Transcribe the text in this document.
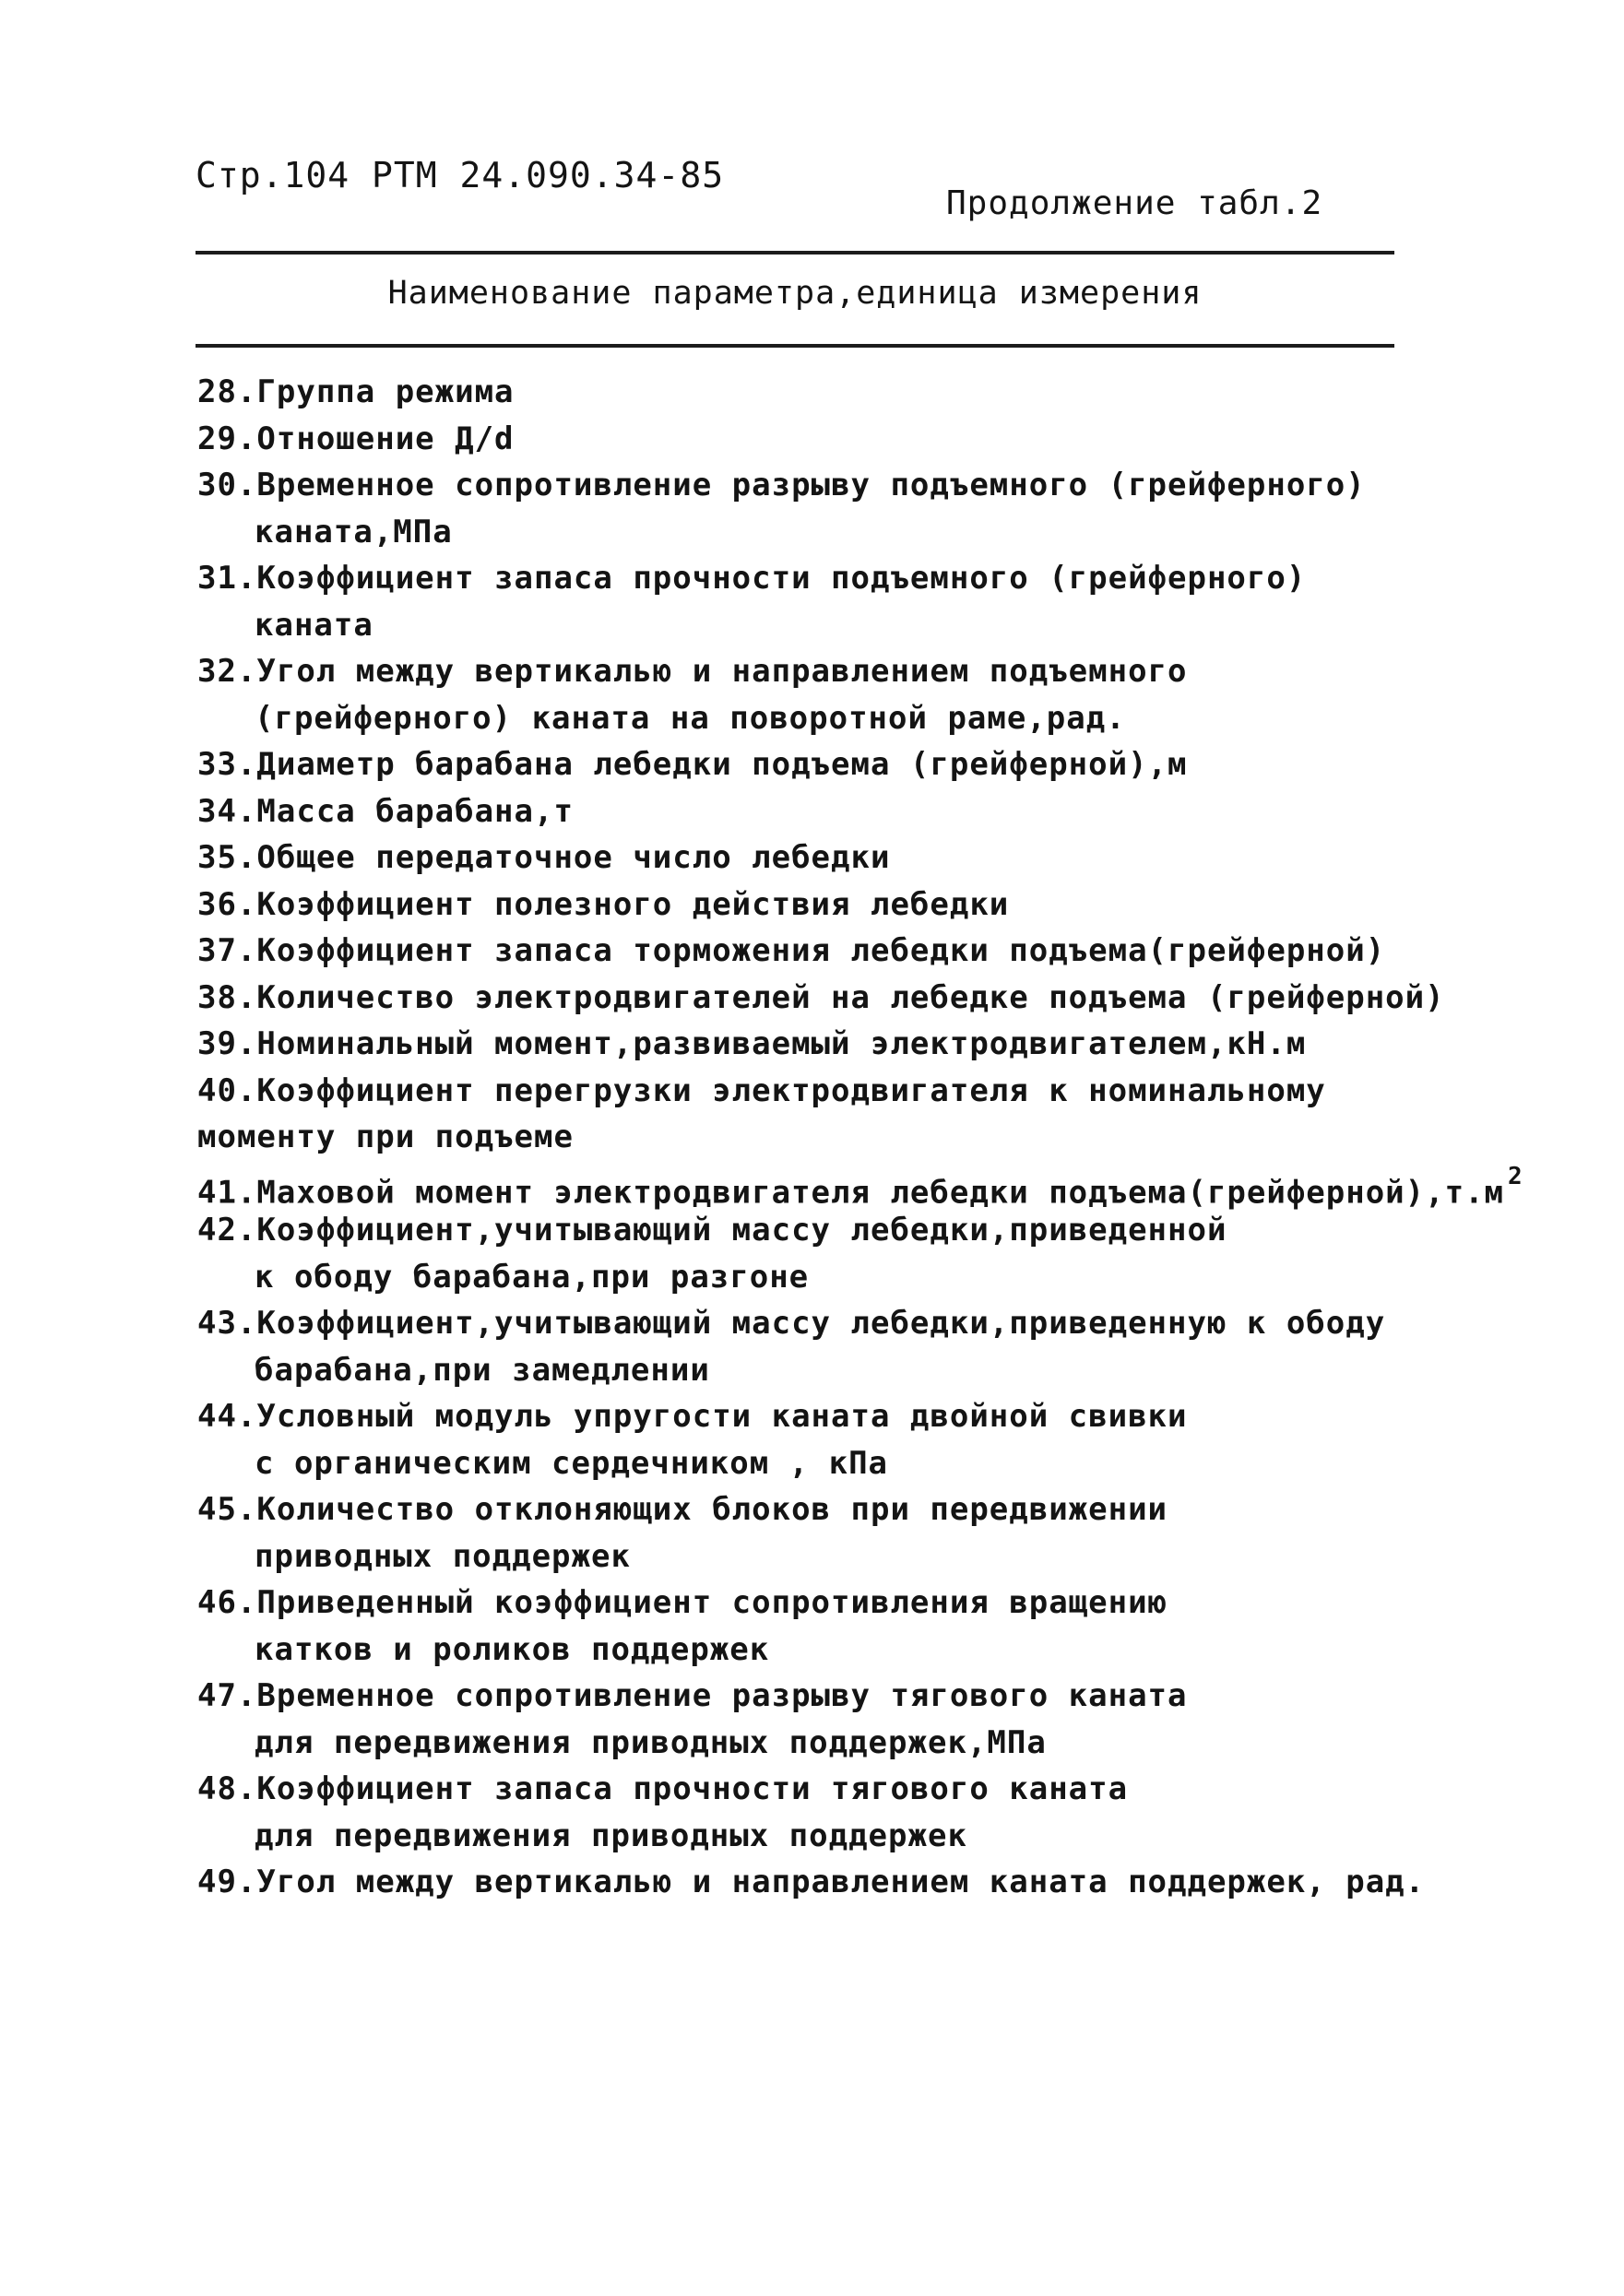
Стр.104 РТМ 24.090.34-85
Продолжение табл.2
Наименование параметра,единица измерения
28.Группа режима
29.Отношение Д/d
30.Временное сопротивление разрыву подъемного (грейферного)
каната,МПа
31.Коэффициент запаса прочности подъемного (грейферного)
каната
32.Угол между вертикалью и направлением подъемного
(грейферного) каната на поворотной раме,рад.
33.Диаметр барабана лебедки подъема (грейферной),м
34.Масса барабана,т
35.Общее передаточное число лебедки
36.Коэффициент полезного действия лебедки
37.Коэффициент запаса торможения лебедки подъема(грейферной)
38.Количество электродвигателей на лебедке подъема (грейферной)
39.Номинальный момент,развиваемый электродвигателем,кН.м
40.Коэффициент перегрузки электродвигателя к номинальному
моменту при подъеме
41.Маховой момент электродвигателя лебедки подъема(грейферной),т.м $^2$
42.Коэффициент,учитывающий массу лебедки,приведенной
к ободу барабана,при разгоне
43.Коэффициент,учитывающий массу лебедки,приведенную к ободу
барабана,при замедлении
44.Условный модуль упругости каната двойной свивки
с органическим сердечником , кПа
45.Количество отклоняющих блоков при передвижении
приводных поддержек
46.Приведенный коэффициент сопротивления вращению
катков и роликов поддержек
47.Временное сопротивление разрыву тягового каната
для передвижения приводных поддержек,МПа
48.Коэффициент запаса прочности тягового каната
для передвижения приводных поддержек
49.Угол между вертикалью и направлением каната поддержек, рад.
